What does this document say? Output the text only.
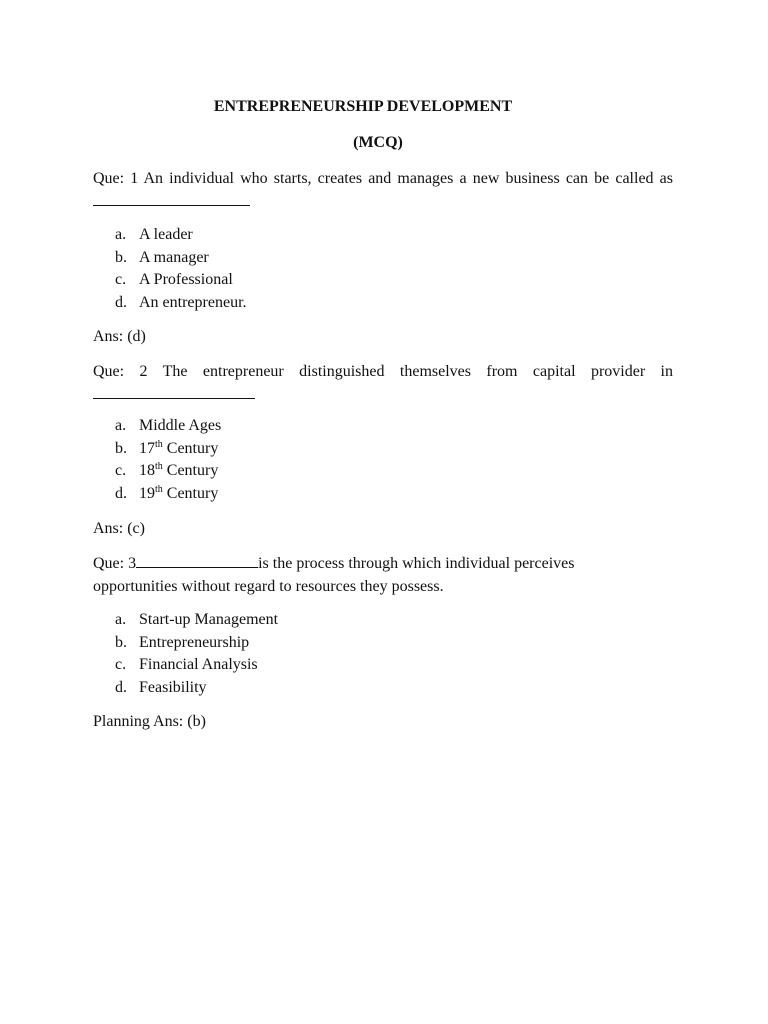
ENTREPRENEURSHIP DEVELOPMENT
(MCQ)
Que: 1 An individual who starts, creates and manages a new business can be called as
a. A leader
b. A manager
c. A Professional
d. An entrepreneur.
Ans: (d)
Que: 2 The entrepreneur distinguished themselves from capital provider in
a. Middle Ages
b. 17th Century
c. 18th Century
d. 19th Century
Ans: (c)
Que: 3	is the process through which individual perceives opportunities without regard to resources they possess.
a. Start-up Management
b. Entrepreneurship
c. Financial Analysis
d. Feasibility
Planning Ans: (b)
